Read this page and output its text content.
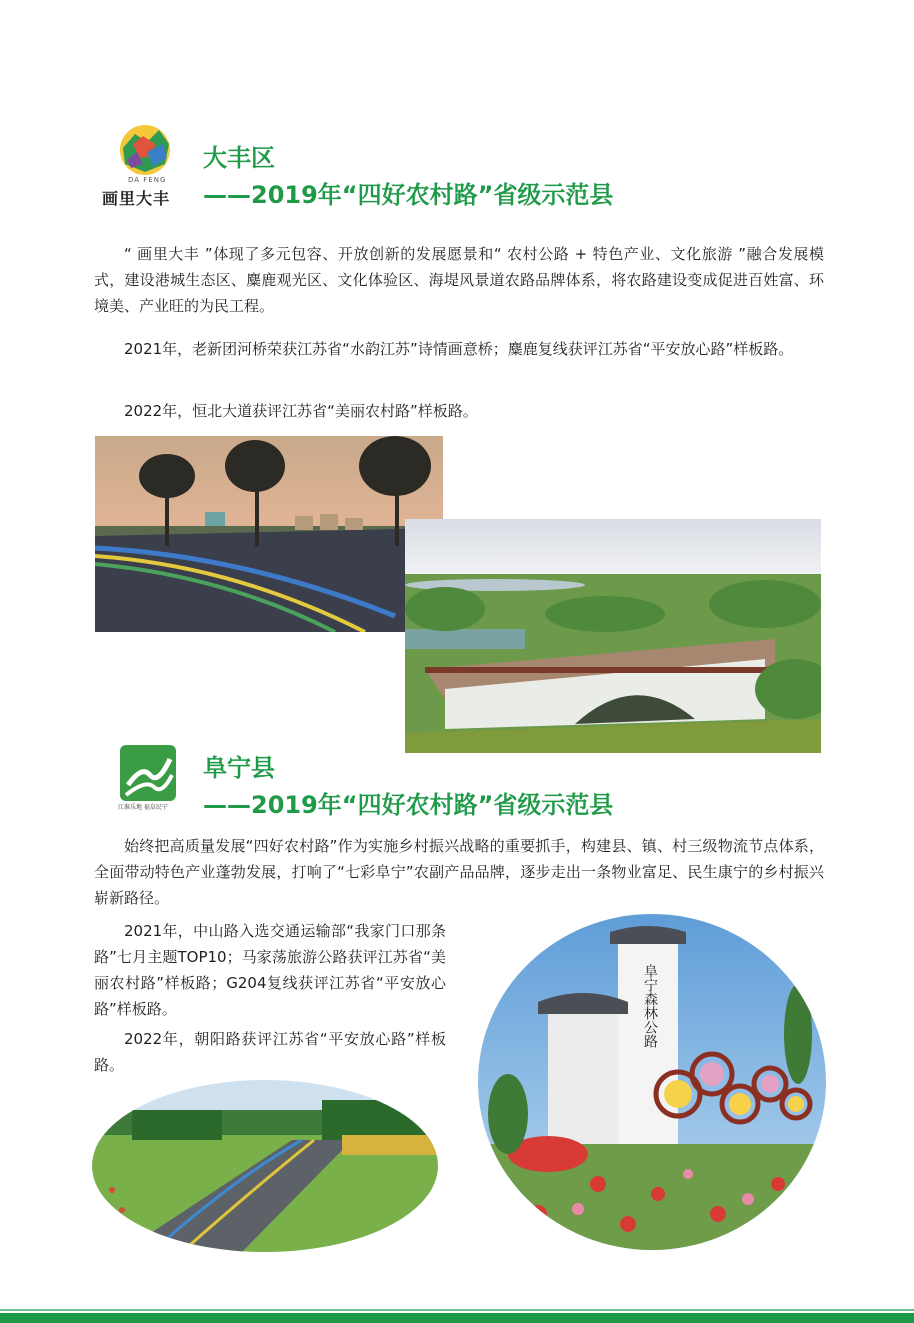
DA FENG
画里大丰
大丰区
——2019年“四好农村路”省级示范县

“ 画里大丰 ”体现了多元包容、开放创新的发展愿景和“ 农村公路 + 特色产业、文化旅游 ”融合发展模式，建设港城生态区、麋鹿观光区、文化体验区、海堤风景道农路品牌体系，将农路建设变成促进百姓富、环境美、产业旺的为民工程。

2021年，老新团河桥荣获江苏省“水韵江苏”诗情画意桥；麋鹿复线获评江苏省“平安放心路”样板路。

2022年，恒北大道获评江苏省“美丽农村路”样板路。

江淮乐地 福阜民宁
阜宁县
——2019年“四好农村路”省级示范县

始终把高质量发展“四好农村路”作为实施乡村振兴战略的重要抓手，构建县、镇、村三级物流节点体系，全面带动特色产业蓬勃发展，打响了“七彩阜宁”农副产品品牌，逐步走出一条物业富足、民生康宁的乡村振兴崭新路径。

2021年，中山路入选交通运输部“我家门口那条路”七月主题TOP10；马家荡旅游公路获评江苏省“美丽农村路”样板路；G204复线获评江苏省“平安放心路”样板路。

2022年，朝阳路获评江苏省“平安放心路”样板路。

阜宁森林公路
